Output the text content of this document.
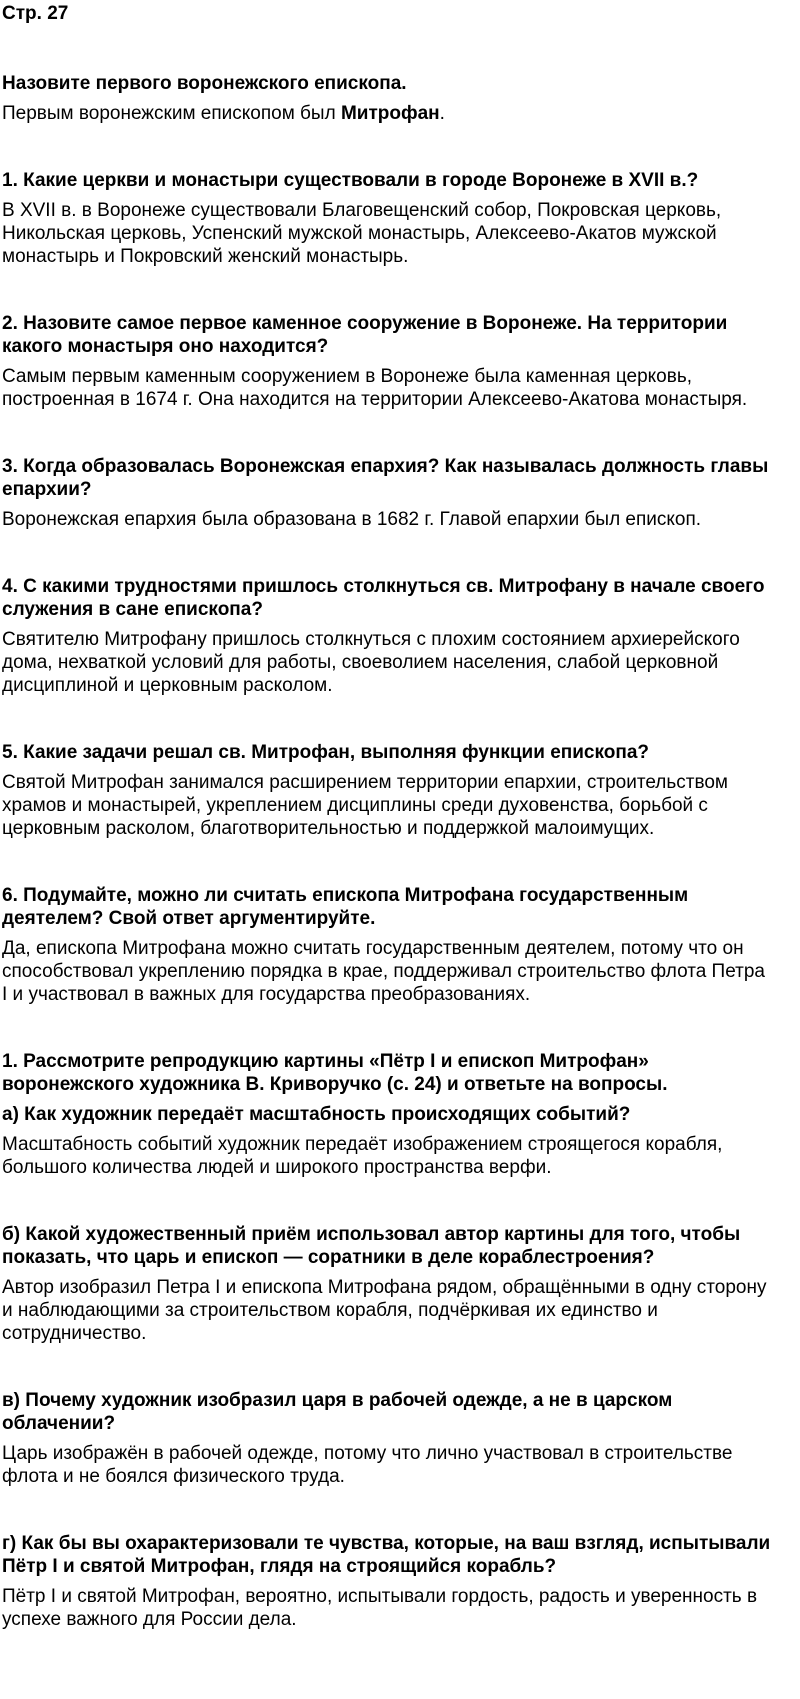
Стр. 27

Назовите первого воронежского епископа.

Первым воронежским епископом был Митрофан.

1. Какие церкви и монастыри существовали в городе Воронеже в XVII в.?

В XVII в. в Воронеже существовали Благовещенский собор, Покровская церковь, Никольская церковь, Успенский мужской монастырь, Алексеево-Акатов мужской монастырь и Покровский женский монастырь.

2. Назовите самое первое каменное сооружение в Воронеже. На территории какого монастыря оно находится?

Самым первым каменным сооружением в Воронеже была каменная церковь, построенная в 1674 г. Она находится на территории Алексеево-Акатова монастыря.

3. Когда образовалась Воронежская епархия? Как называлась должность главы епархии?

Воронежская епархия была образована в 1682 г. Главой епархии был епископ.

4. С какими трудностями пришлось столкнуться св. Митрофану в начале своего служения в сане епископа?

Святителю Митрофану пришлось столкнуться с плохим состоянием архиерейского дома, нехваткой условий для работы, своеволием населения, слабой церковной дисциплиной и церковным расколом.

5. Какие задачи решал св. Митрофан, выполняя функции епископа?

Святой Митрофан занимался расширением территории епархии, строительством храмов и монастырей, укреплением дисциплины среди духовенства, борьбой с церковным расколом, благотворительностью и поддержкой малоимущих.

6. Подумайте, можно ли считать епископа Митрофана государственным деятелем? Свой ответ аргументируйте.

Да, епископа Митрофана можно считать государственным деятелем, потому что он способствовал укреплению порядка в крае, поддерживал строительство флота Петра I и участвовал в важных для государства преобразованиях.

1. Рассмотрите репродукцию картины «Пётр I и епископ Митрофан» воронежского художника В. Криворучко (с. 24) и ответьте на вопросы.

а) Как художник передаёт масштабность происходящих событий?

Масштабность событий художник передаёт изображением строящегося корабля, большого количества людей и широкого пространства верфи.

б) Какой художественный приём использовал автор картины для того, чтобы показать, что царь и епископ — соратники в деле кораблестроения?

Автор изобразил Петра I и епископа Митрофана рядом, обращёнными в одну сторону и наблюдающими за строительством корабля, подчёркивая их единство и сотрудничество.

в) Почему художник изобразил царя в рабочей одежде, а не в царском облачении?

Царь изображён в рабочей одежде, потому что лично участвовал в строительстве флота и не боялся физического труда.

г) Как бы вы охарактеризовали те чувства, которые, на ваш взгляд, испытывали Пётр I и святой Митрофан, глядя на строящийся корабль?

Пётр I и святой Митрофан, вероятно, испытывали гордость, радость и уверенность в успехе важного для России дела.
